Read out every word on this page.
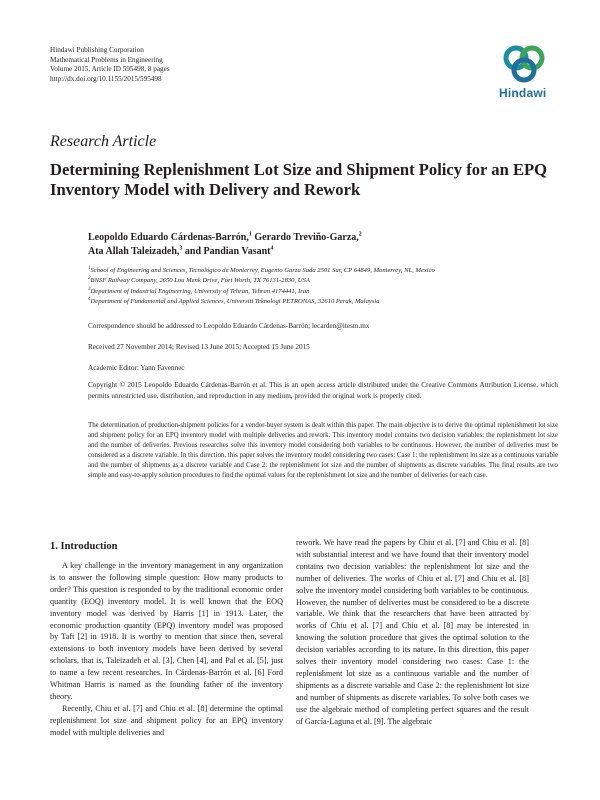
Hindawi Publishing Corporation
Mathematical Problems in Engineering
Volume 2015, Article ID 595498, 8 pages
http://dx.doi.org/10.1155/2015/595498
Hindawi
Research Article
Determining Replenishment Lot Size and Shipment Policy for an EPQ Inventory Model with Delivery and Rework
Leopoldo Eduardo Cárdenas-Barrón,$^1$ Gerardo Treviño-Garza,$^2$
Ata Allah Taleizadeh,$^3$ and Pandian Vasant$^4$
$^1$School of Engineering and Sciences, Tecnológico de Monterrey, Eugenio Garza Sada 2501 Sur, CP 64849, Monterrey, NL, Mexico
$^2$BNSF Railway Company, 2650 Lou Menk Drive, Fort Worth, TX 76131-2830, USA
$^3$Department of Industrial Engineering, University of Tehran, Tehran 4174441, Iran
$^4$Department of Fundamental and Applied Sciences, Universiti Teknologi PETRONAS, 32610 Perak, Malaysia
Correspondence should be addressed to Leopoldo Eduardo Cárdenas-Barrón; lecarden@itesm.mx
Received 27 November 2014; Revised 13 June 2015; Accepted 15 June 2015
Academic Editor: Yann Favennec
Copyright © 2015 Leopoldo Eduardo Cárdenas-Barrón et al. This is an open access article distributed under the Creative Commons Attribution License, which permits unrestricted use, distribution, and reproduction in any medium, provided the original work is properly cited.

The determination of production-shipment policies for a vendor-buyer system is dealt within this paper. The main objective is to derive the optimal replenishment lot size and shipment policy for an EPQ inventory model with multiple deliveries and rework. This inventory model contains two decision variables: the replenishment lot size and the number of deliveries. Previous researches solve this inventory model considering both variables to be continuous. However, the number of deliveries must be considered as a discrete variable. In this direction, this paper solves the inventory model considering two cases: Case 1: the replenishment lot size as a continuous variable and the number of shipments as a discrete variable and Case 2: the replenishment lot size and the number of shipments as discrete variables. The final results are two simple and easy-to-apply solution procedures to find the optimal values for the replenishment lot size and the number of deliveries for each case.

1. Introduction

A key challenge in the inventory management in any organization is to answer the following simple question: How many products to order? This question is responded to by the traditional economic order quantity (EOQ) inventory model. It is well known that the EOQ inventory model was derived by Harris [1] in 1913. Later, the economic production quantity (EPQ) inventory model was proposed by Taft [2] in 1918. It is worthy to mention that since then, several extensions to both inventory models have been derived by several scholars, that is, Taleizadeh et al. [3], Chen [4], and Pal et al. [5], just to name a few recent researches. In Cárdenas-Barrón et al. [6] Ford Whitman Harris is named as the founding father of the inventory theory.

Recently, Chiu et al. [7] and Chiu et al. [8] determine the optimal replenishment lot size and shipment policy for an EPQ inventory model with multiple deliveries and

rework. We have read the papers by Chiu et al. [7] and Chiu et al. [8] with substantial interest and we have found that their inventory model contains two decision variables: the replenishment lot size and the number of deliveries. The works of Chiu et al. [7] and Chiu et al. [8] solve the inventory model considering both variables to be continuous. However, the number of deliveries must be considered to be a discrete variable. We think that the researchers that have been attracted by works of Chiu et al. [7] and Chiu et al. [8] may be interested in knowing the solution procedure that gives the optimal solution to the decision variables according to its nature. In this direction, this paper solves their inventory model considering two cases: Case 1: the replenishment lot size as a continuous variable and the number of shipments as a discrete variable and Case 2: the replenishment lot size and number of shipments as discrete variables. To solve both cases we use the algebraic method of completing perfect squares and the result of García-Laguna et al. [9]. The algebraic
